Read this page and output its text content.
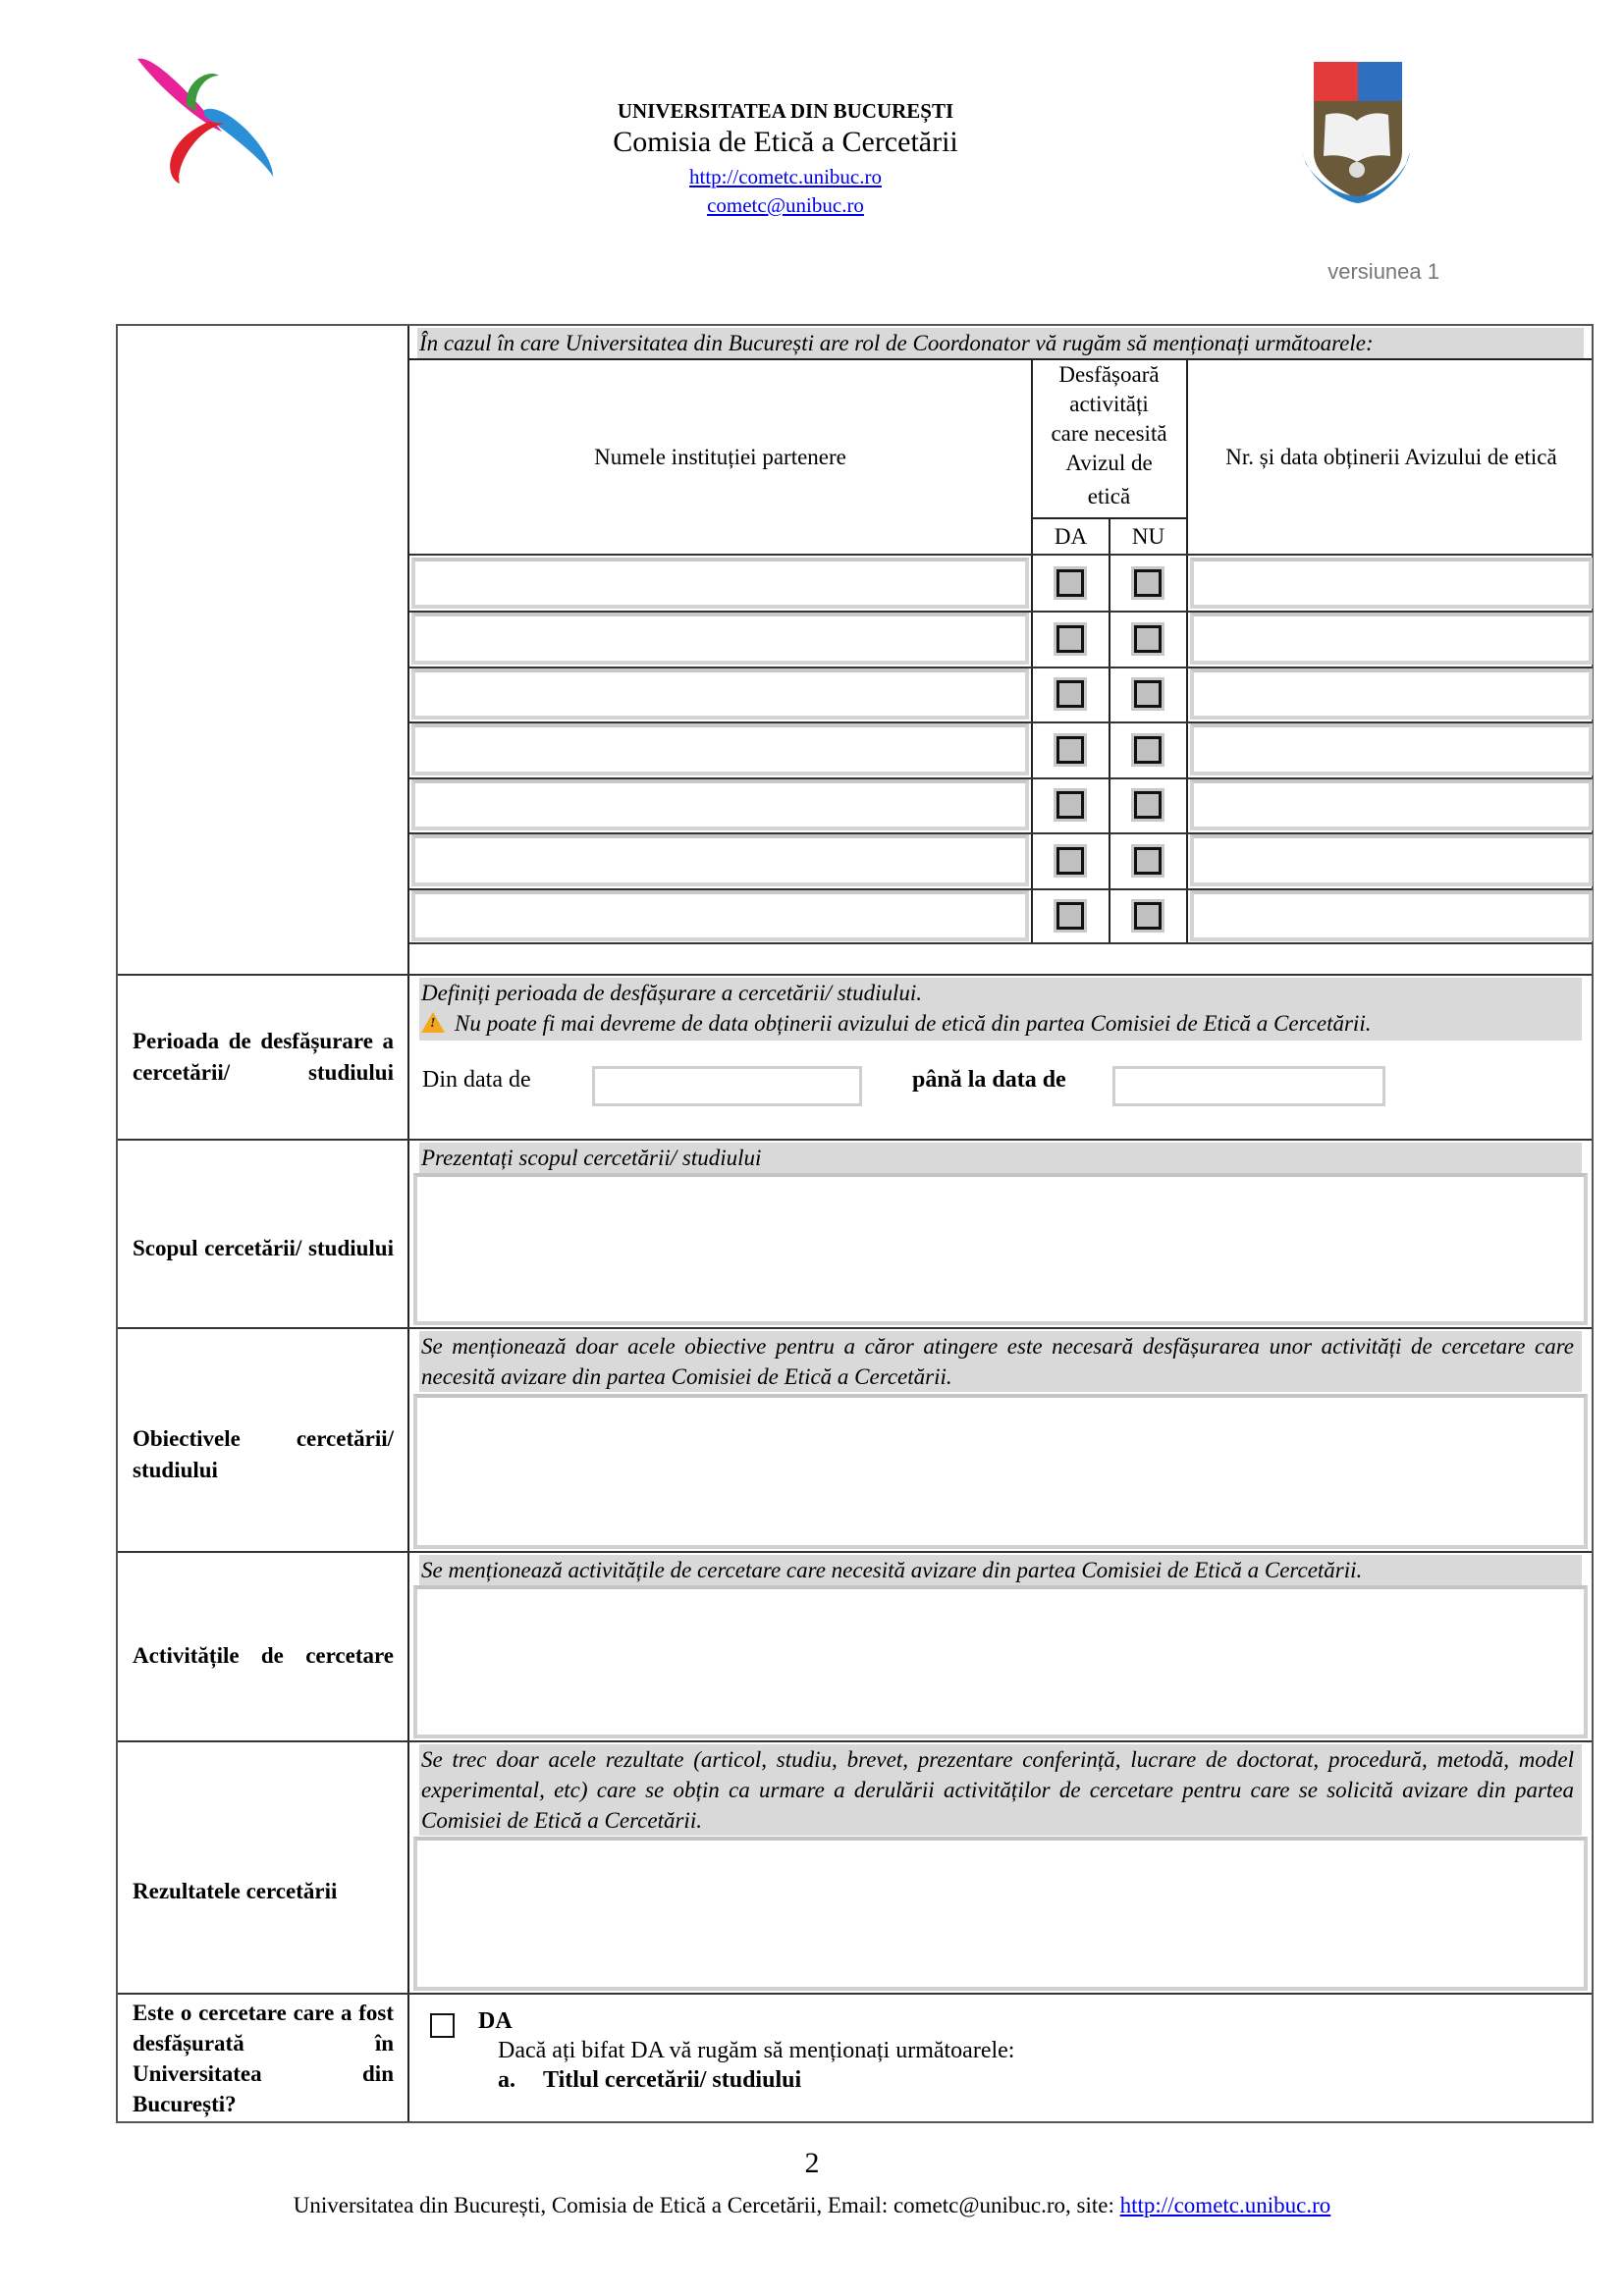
UNIVERSITATEA DIN BUCUREȘTI
Comisia de Etică a Cercetării
http://cometc.unibuc.ro
cometc@unibuc.ro
versiunea 1
În cazul în care Universitatea din București are rol de Coordonator vă rugăm să menționați următoarele:
Numele instituției partenere
Desfășoară
activități
care necesită
Avizul de
etică
DA	NU
Nr. și data obținerii Avizului de etică
Perioada de desfășurare a cercetării/ studiului
Definiți perioada de desfășurare a cercetării/ studiului.
! Nu poate fi mai devreme de data obținerii avizului de etică din partea Comisiei de Etică a Cercetării.
Din data de	până la data de
Scopul cercetării/ studiului
Prezentați scopul cercetării/ studiului
Obiectivele cercetării/ studiului
Se menționează doar acele obiective pentru a căror atingere este necesară desfășurarea unor activități de cercetare care necesită avizare din partea Comisiei de Etică a Cercetării.
Activitățile de cercetare
Se menționează activitățile de cercetare care necesită avizare din partea Comisiei de Etică a Cercetării.
Rezultatele cercetării
Se trec doar acele rezultate (articol, studiu, brevet, prezentare conferință, lucrare de doctorat, procedură, metodă, model experimental, etc) care se obțin ca urmare a derulării activităților de cercetare pentru care se solicită avizare din partea Comisiei de Etică a Cercetării.
Este o cercetare care a fost desfășurată în Universitatea din București?
DA
Dacă ați bifat DA vă rugăm să menționați următoarele:
a. Titlul cercetării/ studiului
2
Universitatea din București, Comisia de Etică a Cercetării, Email: cometc@unibuc.ro, site: http://cometc.unibuc.ro
